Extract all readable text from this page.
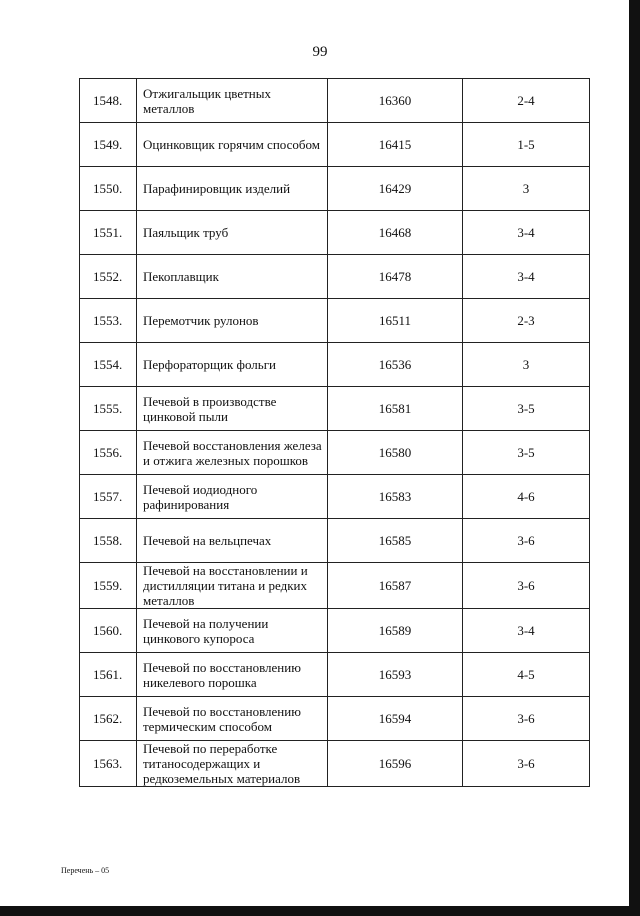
99
1548.	Отжигальщик цветных металлов	16360	2-4
1549.	Оцинковщик горячим способом	16415	1-5
1550.	Парафинировщик изделий	16429	3
1551.	Паяльщик труб	16468	3-4
1552.	Пекоплавщик	16478	3-4
1553.	Перемотчик рулонов	16511	2-3
1554.	Перфораторщик фольги	16536	3
1555.	Печевой в производстве цинковой пыли	16581	3-5
1556.	Печевой восстановления железа и отжига железных порошков	16580	3-5
1557.	Печевой иодиодного рафинирования	16583	4-6
1558.	Печевой на вельцпечах	16585	3-6
1559.	Печевой на восстановлении и дистилляции титана и редких металлов	16587	3-6
1560.	Печевой на получении цинкового купороса	16589	3-4
1561.	Печевой по восстановлению никелевого порошка	16593	4-5
1562.	Печевой по восстановлению термическим способом	16594	3-6
1563.	Печевой по переработке титаносодержащих и редкоземельных материалов	16596	3-6
Перечень – 05
